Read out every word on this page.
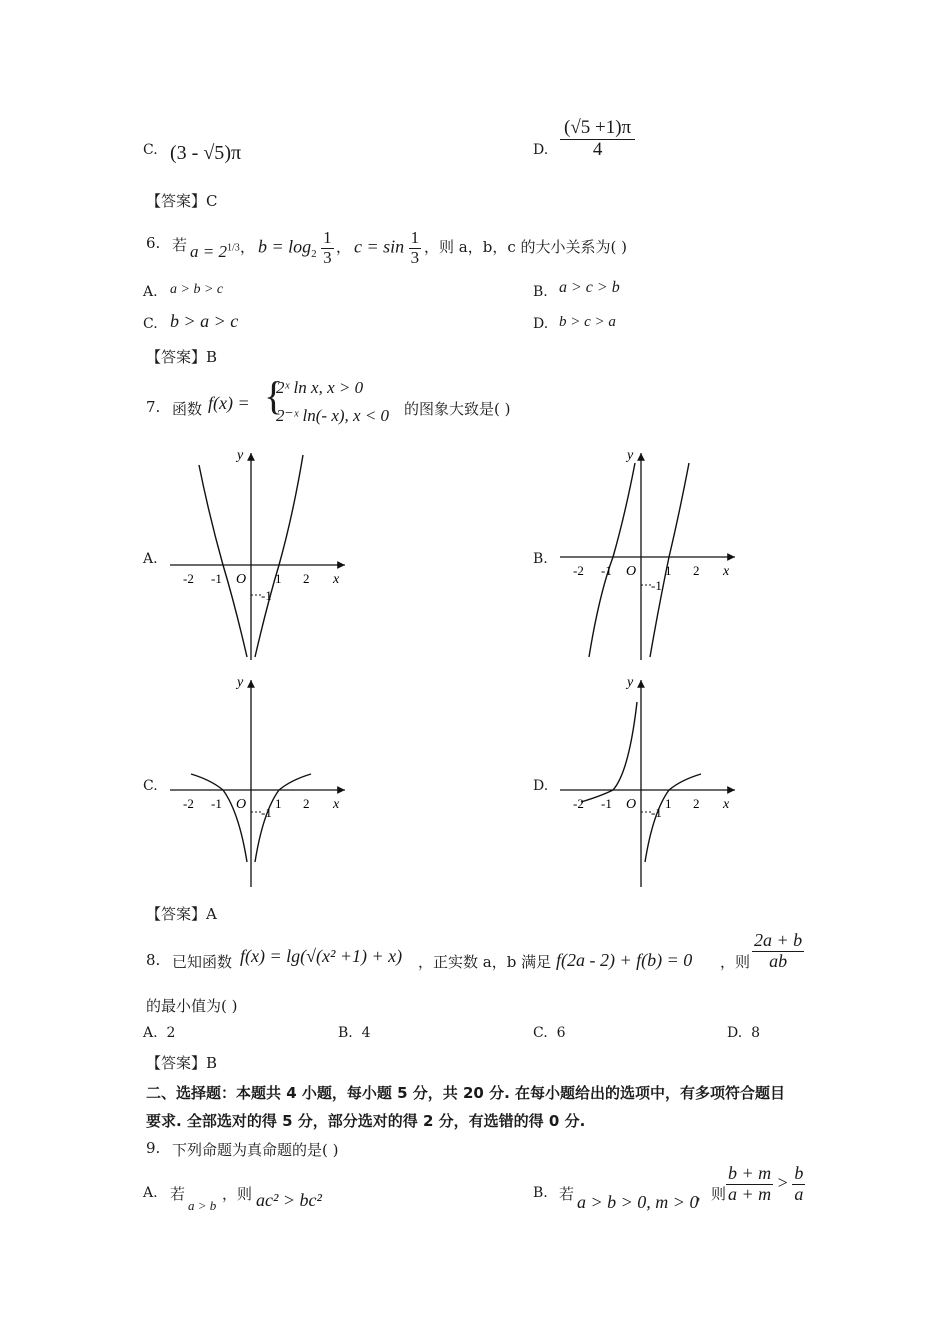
C. (3 - √5)π	D. $\frac{(√5 +1)\pi}{4}$
【答案】C
6. 若 $a = 2^{1/3}$ ， $b = \log_2 \frac{1}{3}$ ， $c = \sin \frac{1}{3}$ ，则 a，b，c 的大小关系为( )
A. a > b > c	B. a > c > b
C. b > a > c	D. b > c > a
【答案】B
7. 函数 f(x) = {
2ˣ ln x, x > 0
2⁻ˣ ln(- x), x < 0 的图象大致是( )
A.	B.
C.	D.
y
x
O
-2 -1	1 2
-1
y
x
O
-2 -1	1 2
-1
y
x
O
-2 -1	1 2
-1
y
x
O
-2 -1	1 2
-1
【答案】A
8. 已知函数 f(x) = lg(√(x² +1) + x) ，正实数 a，b 满足 f(2a - 2) + f(b) = 0 ，则 $\frac{2a + b}{ab}$
的最小值为( )
A. 2	B. 4	C. 6	D. 8
【答案】B
二、选择题：本题共 4 小题，每小题 5 分，共 20 分. 在每小题给出的选项中，有多项符合题目
要求. 全部选对的得 5 分，部分选对的得 2 分，有选错的得 0 分.
9. 下列命题为真命题的是( )
A. 若
a > b
，则 ac² > bc²	B. 若 a > b > 0, m > 0
，则 $\frac{b + m}{a + m} > \frac{b}{a}$
